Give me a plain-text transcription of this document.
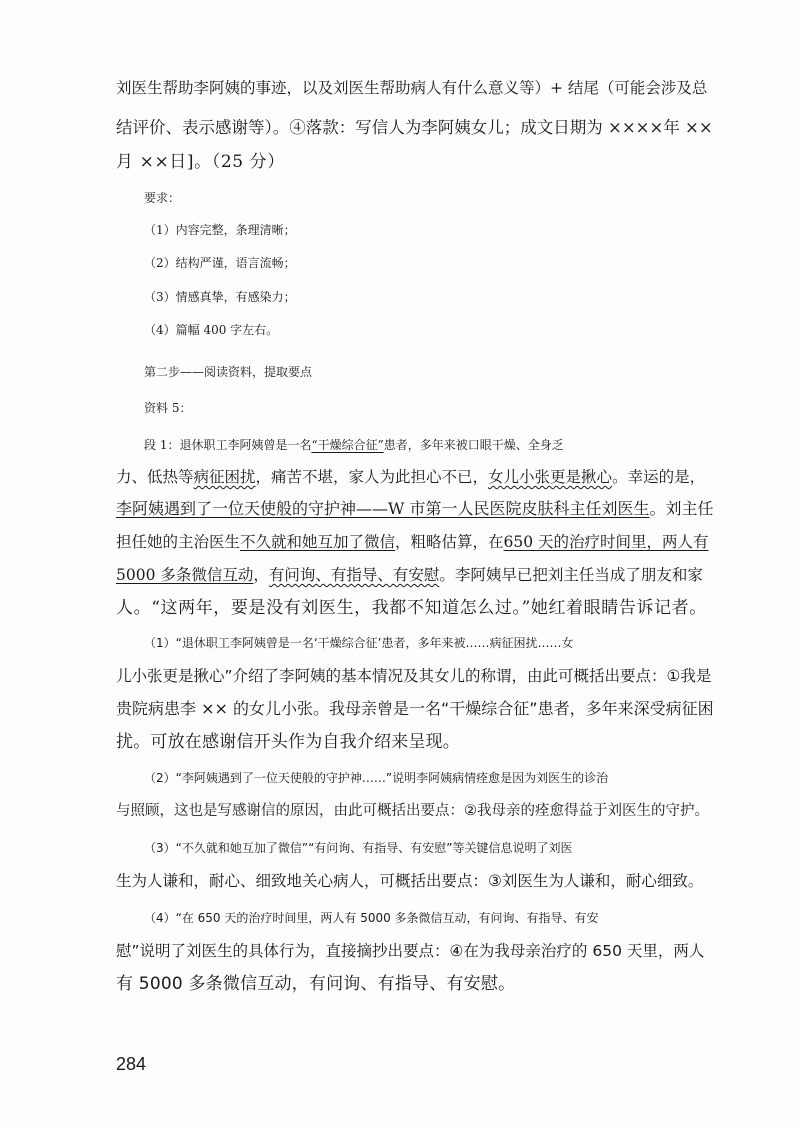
刘医生帮助李阿姨的事迹，以及刘医生帮助病人有什么意义等）+ 结尾（可能会涉及总
结评价、表示感谢等）。④落款：写信人为李阿姨女儿；成文日期为 ××××年 ××
月 ××日]。（25 分）
要求：
（1）内容完整，条理清晰；
（2）结构严谨，语言流畅；
（3）情感真挚，有感染力；
（4）篇幅 400 字左右。
第二步——阅读资料，提取要点
资料 5：
段 1：退休职工李阿姨曾是一名“干燥综合征”患者，多年来被口眼干燥、全身乏
力、低热等病征困扰，痛苦不堪，家人为此担心不已，女儿小张更是揪心。幸运的是，
李阿姨遇到了一位天使般的守护神——W 市第一人民医院皮肤科主任刘医生。刘主任
担任她的主治医生不久就和她互加了微信，粗略估算，在650 天的治疗时间里，两人有
5000 多条微信互动，有问询、有指导、有安慰。李阿姨早已把刘主任当成了朋友和家
人。“这两年，要是没有刘医生，我都不知道怎么过。”她红着眼睛告诉记者。
（1）“退休职工李阿姨曾是一名‘干燥综合征’患者，多年来被……病征困扰……女
儿小张更是揪心”介绍了李阿姨的基本情况及其女儿的称谓，由此可概括出要点：①我是
贵院病患李 ×× 的女儿小张。我母亲曾是一名“干燥综合征”患者，多年来深受病征困
扰。可放在感谢信开头作为自我介绍来呈现。
（2）“李阿姨遇到了一位天使般的守护神……”说明李阿姨病情痊愈是因为刘医生的诊治
与照顾，这也是写感谢信的原因，由此可概括出要点：②我母亲的痊愈得益于刘医生的守护。
（3）“不久就和她互加了微信”“有问询、有指导、有安慰”等关键信息说明了刘医
生为人谦和，耐心、细致地关心病人，可概括出要点：③刘医生为人谦和，耐心细致。
（4）“在 650 天的治疗时间里，两人有 5000 多条微信互动，有问询、有指导、有安
慰”说明了刘医生的具体行为，直接摘抄出要点：④在为我母亲治疗的 650 天里，两人
有 5000 多条微信互动，有问询、有指导、有安慰。
284
